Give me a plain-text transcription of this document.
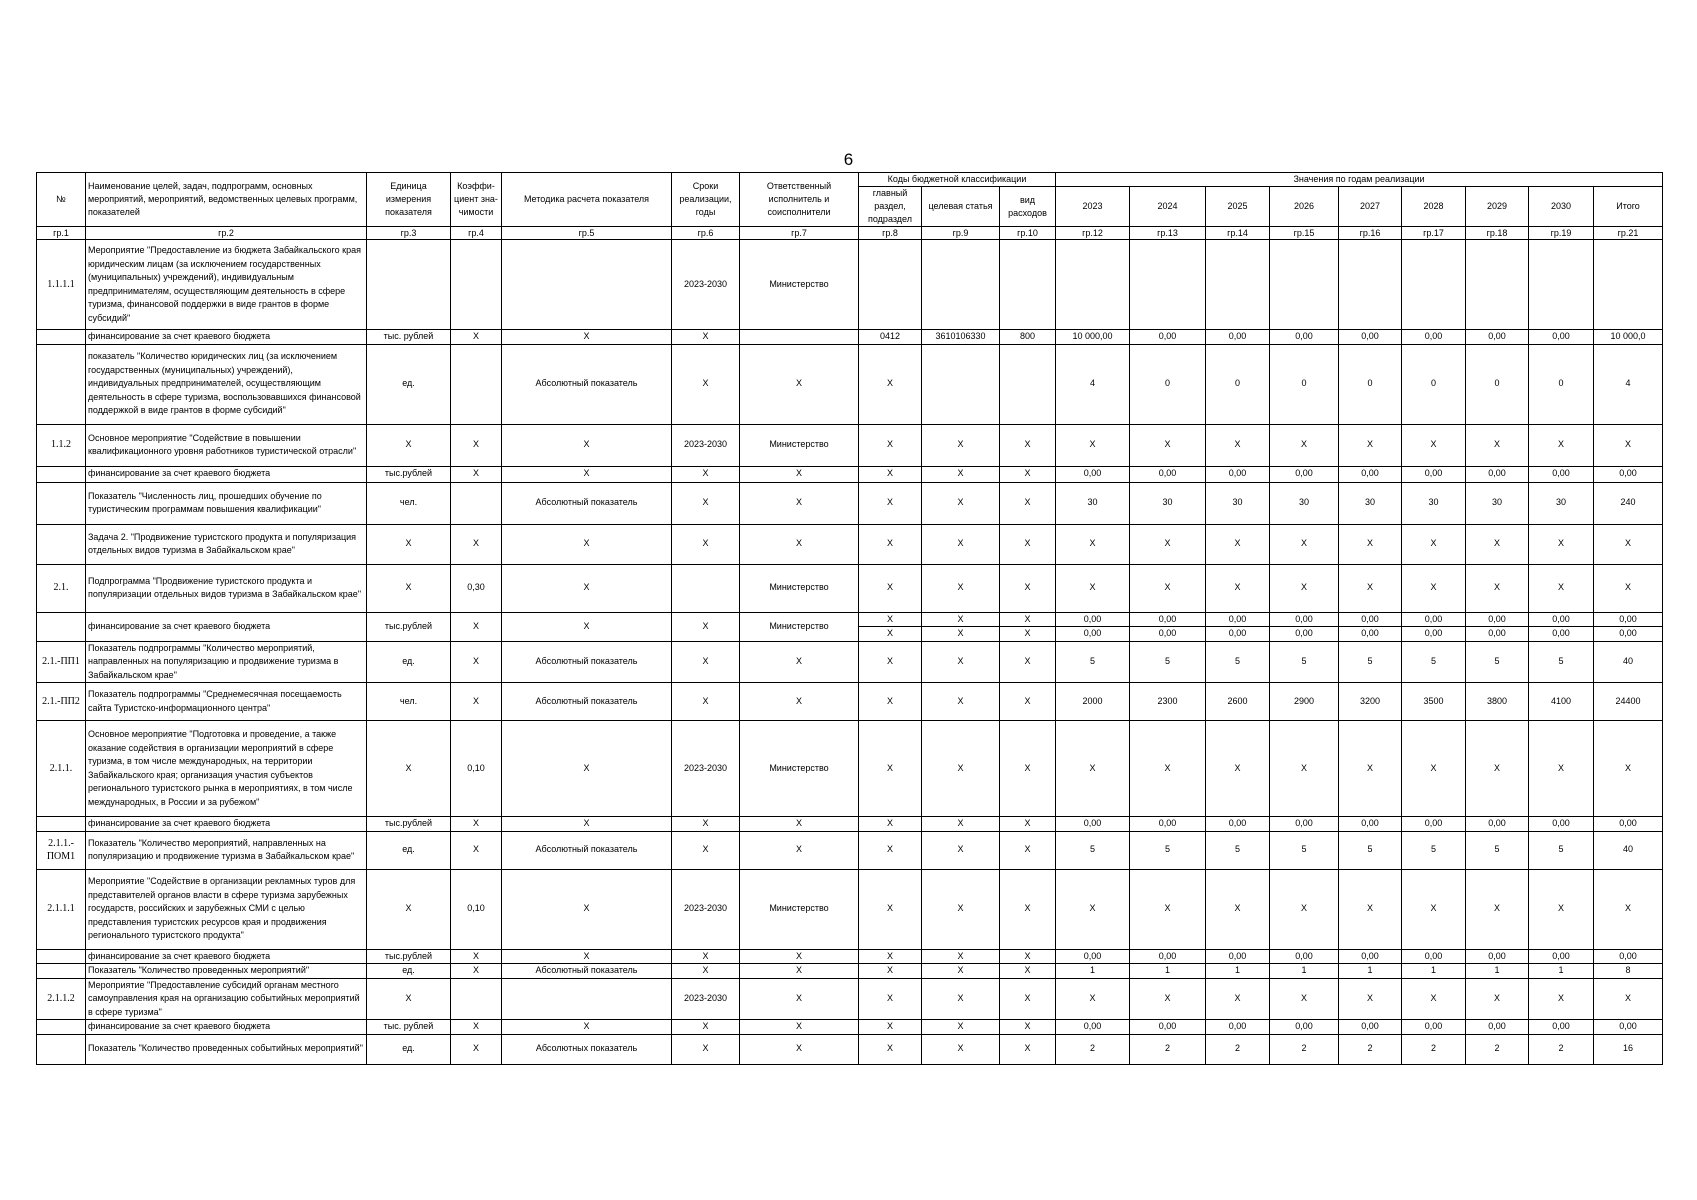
6
№	Наименование целей, задач, подпрограмм, основных мероприятий, мероприятий, ведомственных целевых программ, показателей	Единица измерения показателя	Коэффи-циент зна-чимости	Методика расчета показателя	Сроки реализации, годы	Ответственный исполнитель и соисполнители	Коды бюджетной классификации			Значения по годам реализации								
							главный раздел, подраздел	целевая статья	вид расходов	2023	2024	2025	2026	2027	2028	2029	2030	Итого
гр.1	гр.2	гр.3	гр.4	гр.5	гр.6	гр.7	гр.8	гр.9	гр.10	гр.12	гр.13	гр.14	гр.15	гр.16	гр.17	гр.18	гр.19	гр.21
1.1.1.1	Мероприятие "Предоставление из бюджета Забайкальского края юридическим лицам (за исключением государственных (муниципальных) учреждений), индивидуальным предпринимателям, осуществляющим деятельность в сфере туризма, финансовой поддержки в виде грантов в форме субсидий"				2023-2030	Министерство												
	финансирование за счет краевого бюджета	тыс. рублей	Х	Х	Х		0412	3610106330	800	10 000,00	0,00	0,00	0,00	0,00	0,00	0,00	0,00	10 000,0
	показатель "Количество юридических лиц (за исключением государственных (муниципальных) учреждений), индивидуальных предпринимателей, осуществляющим деятельность в сфере туризма, воспользовавшихся финансовой поддержкой в виде грантов в форме субсидий"	ед.		Абсолютный показатель	Х	Х	Х			4	0	0	0	0	0	0	0	4
1.1.2	Основное мероприятие "Содействие в повышении квалификационного уровня работников туристической отрасли"	Х	Х	Х	2023-2030	Министерство	Х	Х	Х	Х	Х	Х	Х	Х	Х	Х	Х	Х
	финансирование за счет краевого бюджета	тыс.рублей	Х	Х	Х	Х	Х	Х	Х	0,00	0,00	0,00	0,00	0,00	0,00	0,00	0,00	0,00
	Показатель "Численность лиц, прошедших обучение по туристическим программам повышения квалификации"	чел.		Абсолютный показатель	Х	Х	Х	Х	Х	30	30	30	30	30	30	30	30	240
	Задача 2. "Продвижение туристского продукта и популяризация отдельных видов туризма в Забайкальском крае"	Х	Х	Х	Х	Х	Х	Х	Х	Х	Х	Х	Х	Х	Х	Х	Х	Х
2.1.	Подпрограмма "Продвижение туристского продукта и популяризации отдельных видов туризма в Забайкальском крае"	Х	0,30	Х		Министерство	Х	Х	Х	Х	Х	Х	Х	Х	Х	Х	Х	Х
	финансирование за счет краевого бюджета	тыс.рублей	Х	Х	Х	Министерство	Х	Х	Х	0,00	0,00	0,00	0,00	0,00	0,00	0,00	0,00	0,00
							Х	Х	Х	0,00	0,00	0,00	0,00	0,00	0,00	0,00	0,00	0,00
2.1.-ПП1	Показатель подпрограммы "Количество мероприятий, направленных на популяризацию и продвижение туризма в Забайкальском крае"	ед.	Х	Абсолютный показатель	Х	Х	Х	Х	Х	5	5	5	5	5	5	5	5	40
2.1.-ПП2	Показатель подпрограммы "Среднемесячная посещаемость сайта Туристско-информационного центра"	чел.	Х	Абсолютный показатель	Х	Х	Х	Х	Х	2000	2300	2600	2900	3200	3500	3800	4100	24400
2.1.1.	Основное мероприятие "Подготовка и проведение, а также оказание содействия в организации мероприятий в сфере туризма, в том числе международных, на территории Забайкальского края; организация участия субъектов регионального туристского рынка в мероприятиях, в том числе международных, в России и за рубежом"	Х	0,10	Х	2023-2030	Министерство	Х	Х	Х	Х	Х	Х	Х	Х	Х	Х	Х	Х
	финансирование за счет краевого бюджета	тыс.рублей	Х	Х	Х	Х	Х	Х	Х	0,00	0,00	0,00	0,00	0,00	0,00	0,00	0,00	0,00
2.1.1.-ПОМ1	Показатель "Количество мероприятий, направленных на популяризацию и продвижение туризма в Забайкальском крае"	ед.	Х	Абсолютный показатель	Х	Х	Х	Х	Х	5	5	5	5	5	5	5	5	40
2.1.1.1	Мероприятие "Содействие в организации рекламных туров для представителей органов власти в сфере туризма зарубежных государств, российских и зарубежных СМИ с целью представления туристских ресурсов края и продвижения регионального туристского продукта"	Х	0,10	Х	2023-2030	Министерство	Х	Х	Х	Х	Х	Х	Х	Х	Х	Х	Х	Х
	финансирование за счет краевого бюджета	тыс.рублей	Х	Х	Х	Х	Х	Х	Х	0,00	0,00	0,00	0,00	0,00	0,00	0,00	0,00	0,00
	Показатель "Количество проведенных мероприятий"	ед.	Х	Абсолютный показатель	Х	Х	Х	Х	Х	1	1	1	1	1	1	1	1	8
2.1.1.2	Мероприятие "Предоставление субсидий органам местного самоуправления края на организацию событийных мероприятий в сфере туризма"	Х			2023-2030	Х	Х	Х	Х	Х	Х	Х	Х	Х	Х	Х	Х	Х
	финансирование за счет краевого бюджета	тыс. рублей	Х	Х	Х	Х	Х	Х	Х	0,00	0,00	0,00	0,00	0,00	0,00	0,00	0,00	0,00
	Показатель "Количество проведенных событийных мероприятий"	ед.	Х	Абсолютных показатель	Х	Х	Х	Х	Х	2	2	2	2	2	2	2	2	16
